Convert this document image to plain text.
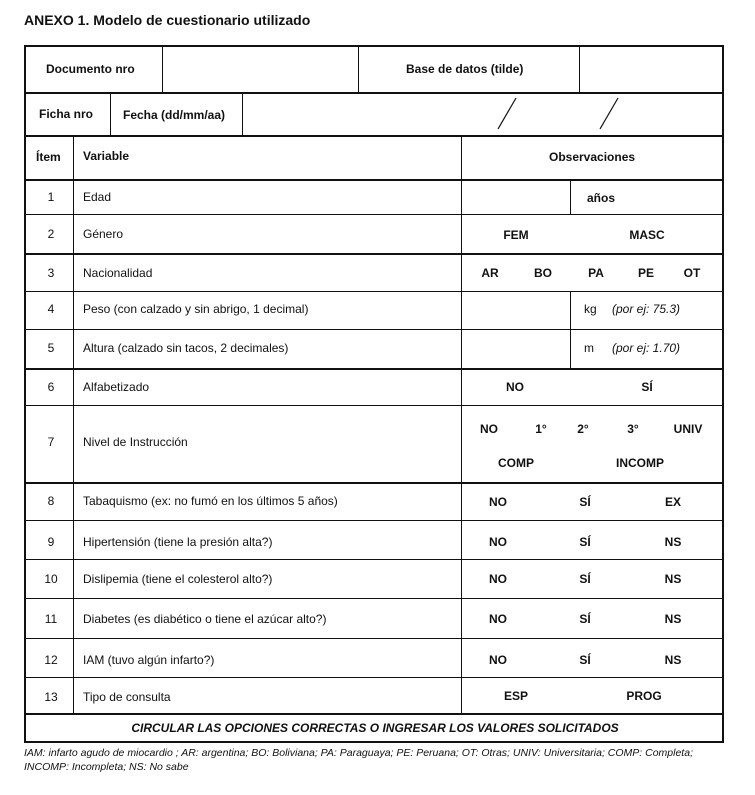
ANEXO 1. Modelo de cuestionario utilizado
Documento nro	Base de datos (tilde)
Ficha nro Fecha (dd/mm/aa)
Ítem Variable	Observaciones
1 Edad	años
2 Género	FEM	MASC
3 Nacionalidad	AR	BO	PA	PE OT
4 Peso (con calzado y sin abrigo, 1 decimal)	kg (por ej: 75.3)
5 Altura (calzado sin tacos, 2 decimales)	m (por ej: 1.70)
6 Alfabetizado	NO	SÍ
7 Nivel de Instrucción
NO	1°	2°	3°	UNIV
COMP	INCOMP
8 Tabaquismo (ex: no fumó en los últimos 5 años)	NO	SÍ	EX
9 Hipertensión (tiene la presión alta?)	NO	SÍ	NS
10 Dislipemia (tiene el colesterol alto?)	NO	SÍ	NS
11 Diabetes (es diabético o tiene el azúcar alto?)	NO	SÍ	NS
12 IAM (tuvo algún infarto?)	NO	SÍ	NS
13 Tipo de consulta	ESP	PROG
CIRCULAR LAS OPCIONES CORRECTAS O INGRESAR LOS VALORES SOLICITADOS
IAM: infarto agudo de miocardio ; AR: argentina; BO: Boliviana; PA: Paraguaya; PE: Peruana; OT: Otras; UNIV: Universitaria; COMP: Completa; INCOMP: Incompleta; NS: No sabe
